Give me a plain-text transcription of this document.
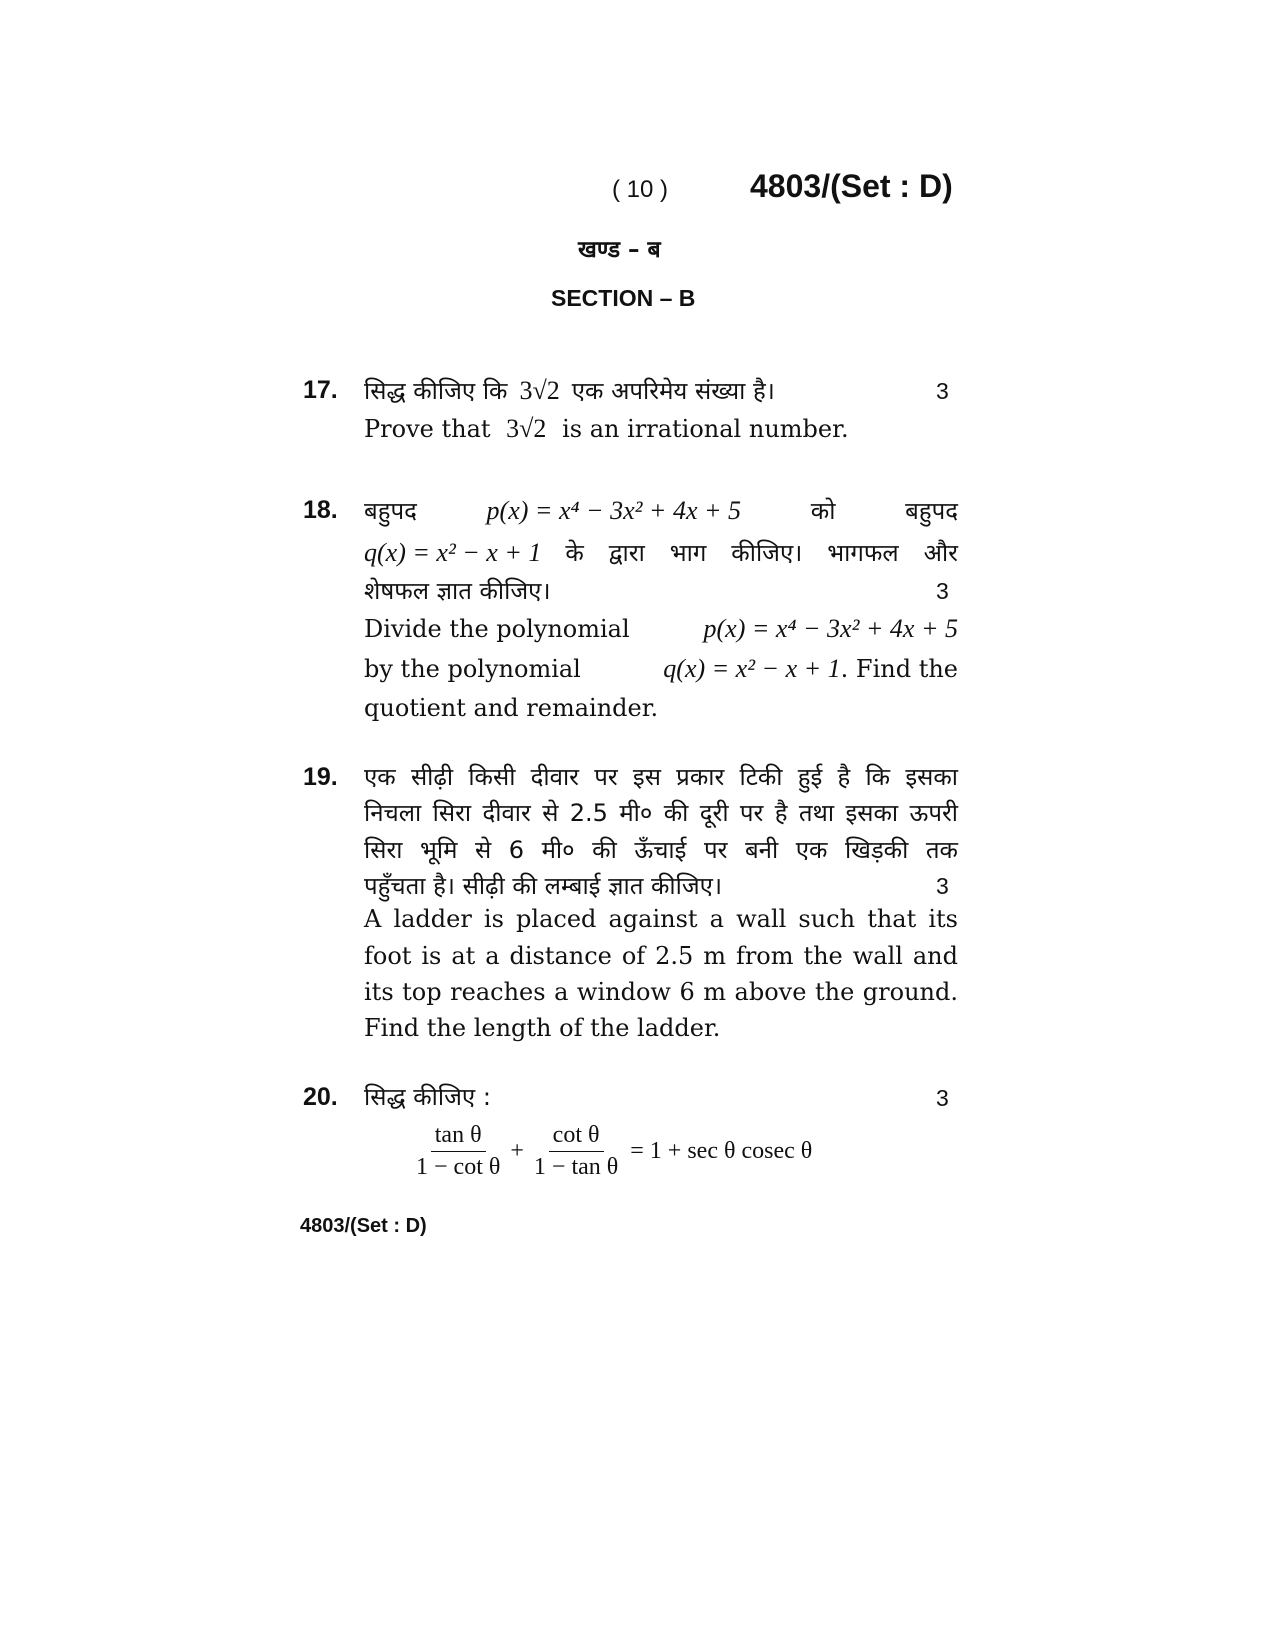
( 10 )	4803/(Set : D)
खण्ड – ब
SECTION – B
17. सिद्ध कीजिए कि 3√2 एक अपरिमेय संख्या है।	3
Prove that 3√2 is an irrational number.
18. बहुपद	p(x) = x⁴ − 3x² + 4x + 5	को	बहुपद
q(x) = x² − x + 1 के द्वारा भाग कीजिए। भागफल और
शेषफल ज्ञात कीजिए।	3
Divide the polynomial	p(x) = x⁴ − 3x² + 4x + 5
by the polynomial	q(x) = x² − x + 1. Find the
quotient and remainder.
19. एक सीढ़ी किसी दीवार पर इस प्रकार टिकी हुई है कि इसका
निचला सिरा दीवार से 2.5 मी० की दूरी पर है तथा इसका ऊपरी
सिरा भूमि से 6 मी० की ऊँचाई पर बनी एक खिड़की तक
पहुँचता है। सीढ़ी की लम्बाई ज्ञात कीजिए।	3
A ladder is placed against a wall such that its
foot is at a distance of 2.5 m from the wall and
its top reaches a window 6 m above the ground.
Find the length of the ladder.
20. सिद्ध कीजिए :	3
$\frac{\text{tan θ}}{\text{1 − cot θ}} + \frac{\text{cot θ}}{\text{1 − tan θ}} = 1 + \sec \theta$ cosec θ
4803/(Set : D)
